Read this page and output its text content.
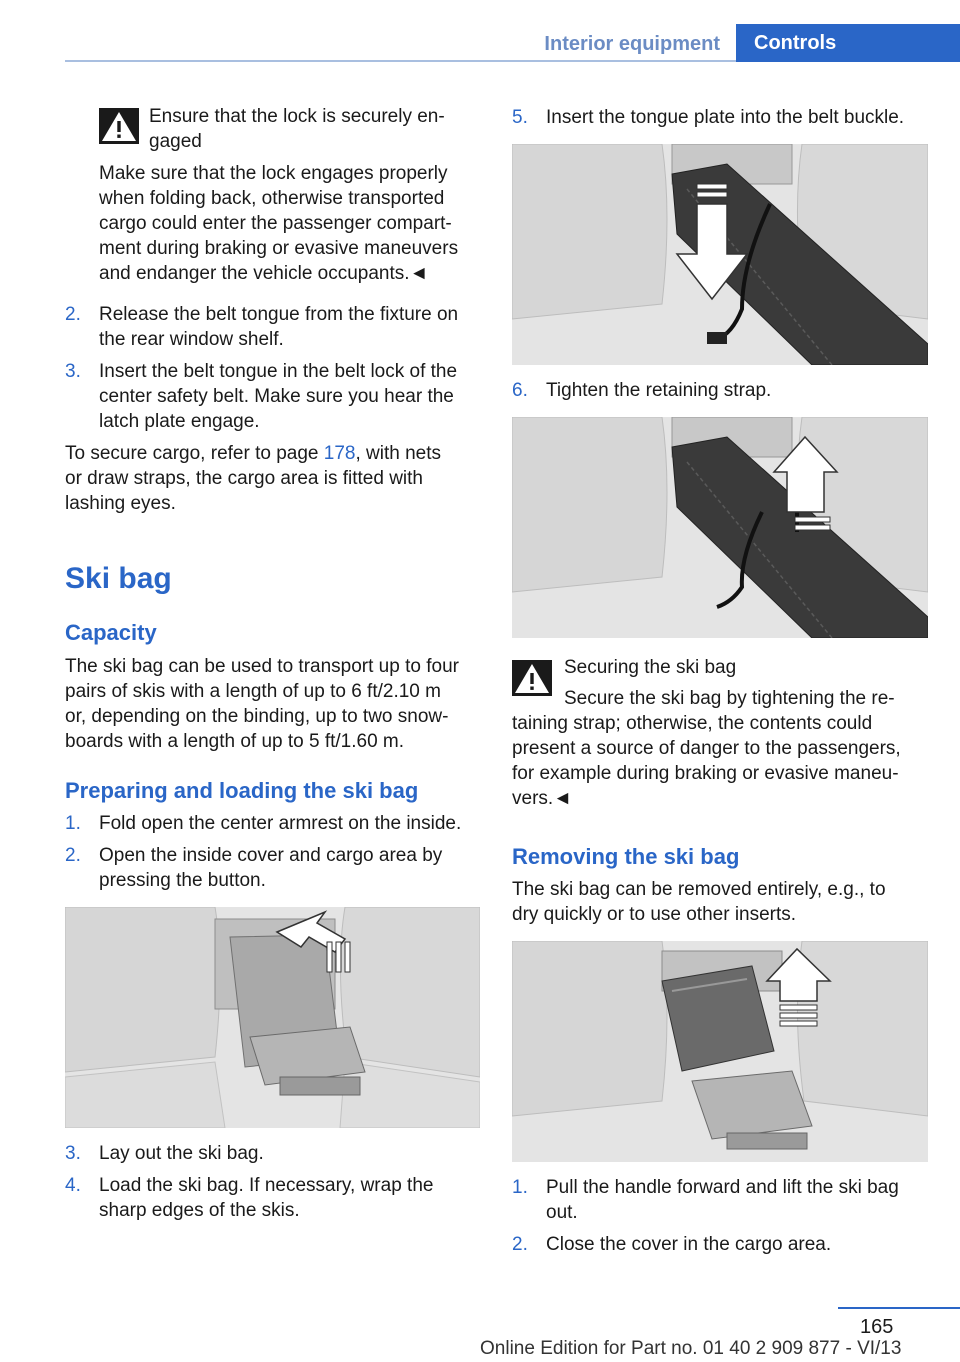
Interior equipment	Controls
Ensure that the lock is securely en‐
gaged
Make sure that the lock engages properly
when folding back, otherwise transported
cargo could enter the passenger compart‐
ment during braking or evasive maneuvers
and endanger the vehicle occupants.◄
2. Release the belt tongue from the fixture on
the rear window shelf.
3. Insert the belt tongue in the belt lock of the
center safety belt. Make sure you hear the
latch plate engage.
To secure cargo, refer to page 178, with nets
or draw straps, the cargo area is fitted with
lashing eyes.
Ski bag
Capacity
The ski bag can be used to transport up to four
pairs of skis with a length of up to 6 ft/2.10 m
or, depending on the binding, up to two snow‐
boards with a length of up to 5 ft/1.60 m.
Preparing and loading the ski bag
1. Fold open the center armrest on the inside.
2. Open the inside cover and cargo area by
pressing the button.
3. Lay out the ski bag.
4. Load the ski bag. If necessary, wrap the
sharp edges of the skis.
5. Insert the tongue plate into the belt buckle.
6. Tighten the retaining strap.
Securing the ski bag
Secure the ski bag by tightening the re‐
taining strap; otherwise, the contents could
present a source of danger to the passengers,
for example during braking or evasive maneu‐
vers.◄
Removing the ski bag
The ski bag can be removed entirely, e.g., to
dry quickly or to use other inserts.
1. Pull the handle forward and lift the ski bag
out.
2. Close the cover in the cargo area.
165
Online Edition for Part no. 01 40 2 909 877 - VI/13
